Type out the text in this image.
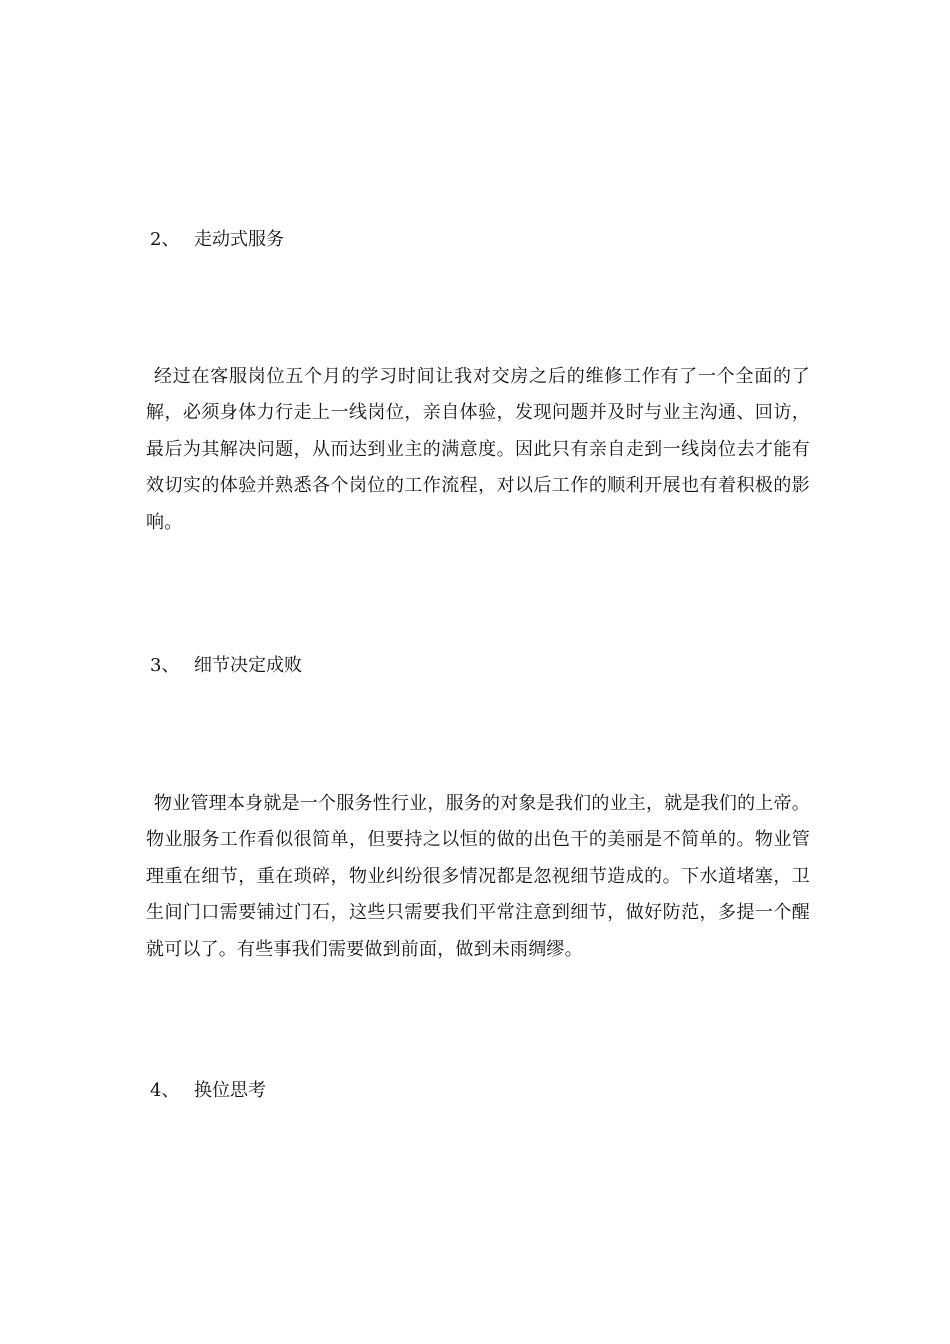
2、 走动式服务
经过在客服岗位五个月的学习时间让我对交房之后的维修工作有了一个全面的了解，必须身体力行走上一线岗位，亲自体验，发现问题并及时与业主沟通、回访，最后为其解决问题，从而达到业主的满意度。因此只有亲自走到一线岗位去才能有效切实的体验并熟悉各个岗位的工作流程，对以后工作的顺利开展也有着积极的影响。
3、 细节决定成败
物业管理本身就是一个服务性行业，服务的对象是我们的业主，就是我们的上帝。物业服务工作看似很简单，但要持之以恒的做的出色干的美丽是不简单的。物业管理重在细节，重在琐碎，物业纠纷很多情况都是忽视细节造成的。下水道堵塞，卫生间门口需要铺过门石，这些只需要我们平常注意到细节，做好防范，多提一个醒就可以了。有些事我们需要做到前面，做到未雨绸缪。
4、 换位思考
